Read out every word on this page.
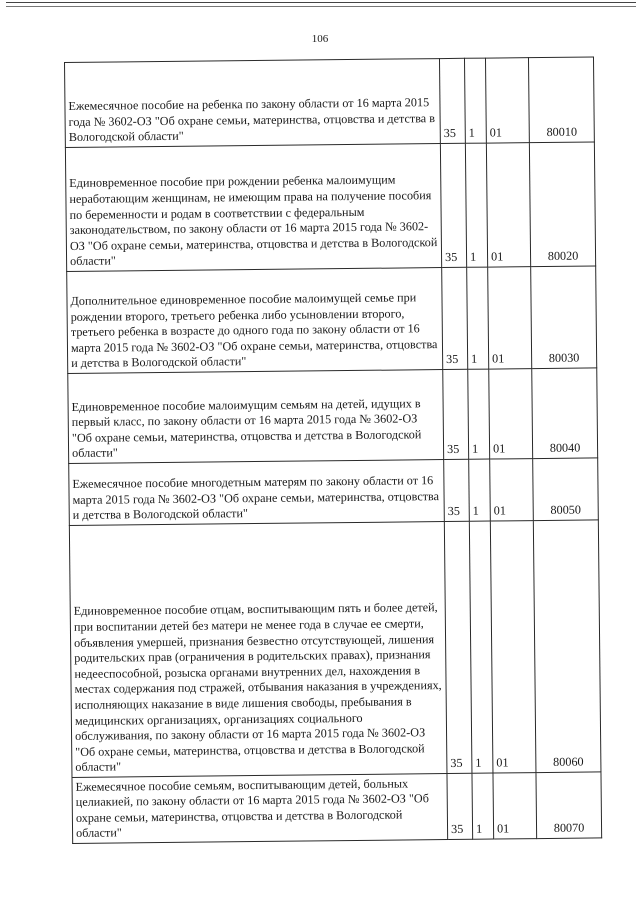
106
Ежемесячное пособие на ребенка по закону области от 16 марта 2015 года № 3602-ОЗ "Об охране семьи, материнства, отцовства и детства в Вологодской области"	35	1	01	80010
Единовременное пособие при рождении ребенка малоимущим неработающим женщинам, не имеющим права на получение пособия по беременности и родам в соответствии с федеральным законодательством, по закону области от 16 марта 2015 года № 3602-ОЗ "Об охране семьи, материнства, отцовства и детства в Вологодской области"	35	1	01	80020
Дополнительное единовременное пособие малоимущей семье при рождении второго, третьего ребенка либо усыновлении второго, третьего ребенка в возрасте до одного года по закону области от 16 марта 2015 года № 3602-ОЗ "Об охране семьи, материнства, отцовства и детства в Вологодской области"	35	1	01	80030
Единовременное пособие малоимущим семьям на детей, идущих в первый класс, по закону области от 16 марта 2015 года № 3602-ОЗ "Об охране семьи, материнства, отцовства и детства в Вологодской области"	35	1	01	80040
Ежемесячное пособие многодетным матерям по закону области от 16 марта 2015 года № 3602-ОЗ "Об охране семьи, материнства, отцовства и детства в Вологодской области"	35	1	01	80050
Единовременное пособие отцам, воспитывающим пять и более детей, при воспитании детей без матери не менее года в случае ее смерти, объявления умершей, признания безвестно отсутствующей, лишения родительских прав (ограничения в родительских правах), признания недееспособной, розыска органами внутренних дел, нахождения в местах содержания под стражей, отбывания наказания в учреждениях, исполняющих наказание в виде лишения свободы, пребывания в медицинских организациях, организациях социального обслуживания, по закону области от 16 марта 2015 года № 3602-ОЗ "Об охране семьи, материнства, отцовства и детства в Вологодской области"	35	1	01	80060
Ежемесячное пособие семьям, воспитывающим детей, больных целиакией, по закону области от 16 марта 2015 года № 3602-ОЗ "Об охране семьи, материнства, отцовства и детства в Вологодской области"	35	1	01	80070
